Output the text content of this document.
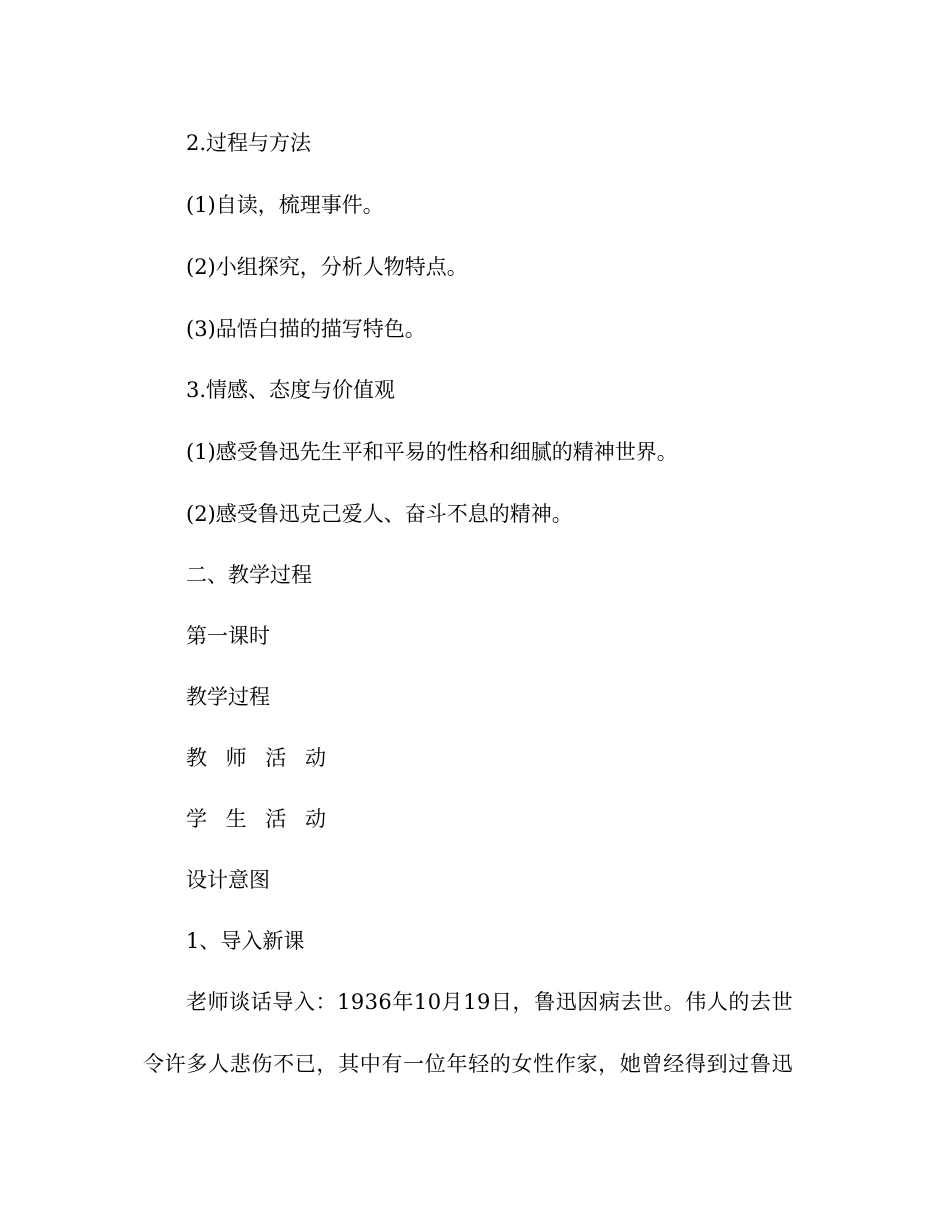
2.过程与方法
(1)自读，梳理事件。
(2)小组探究，分析人物特点。
(3)品悟白描的描写特色。
3.情感、态度与价值观
(1)感受鲁迅先生平和平易的性格和细腻的精神世界。
(2)感受鲁迅克己爱人、奋斗不息的精神。
二、教学过程
第一课时
教学过程
教 师 活 动
学 生 活 动
设计意图
1、导入新课
老师谈话导入：1936年10月19日，鲁迅因病去世。伟人的去世令许多人悲伤不已，其中有一位年轻的女性作家，她曾经得到过鲁迅
